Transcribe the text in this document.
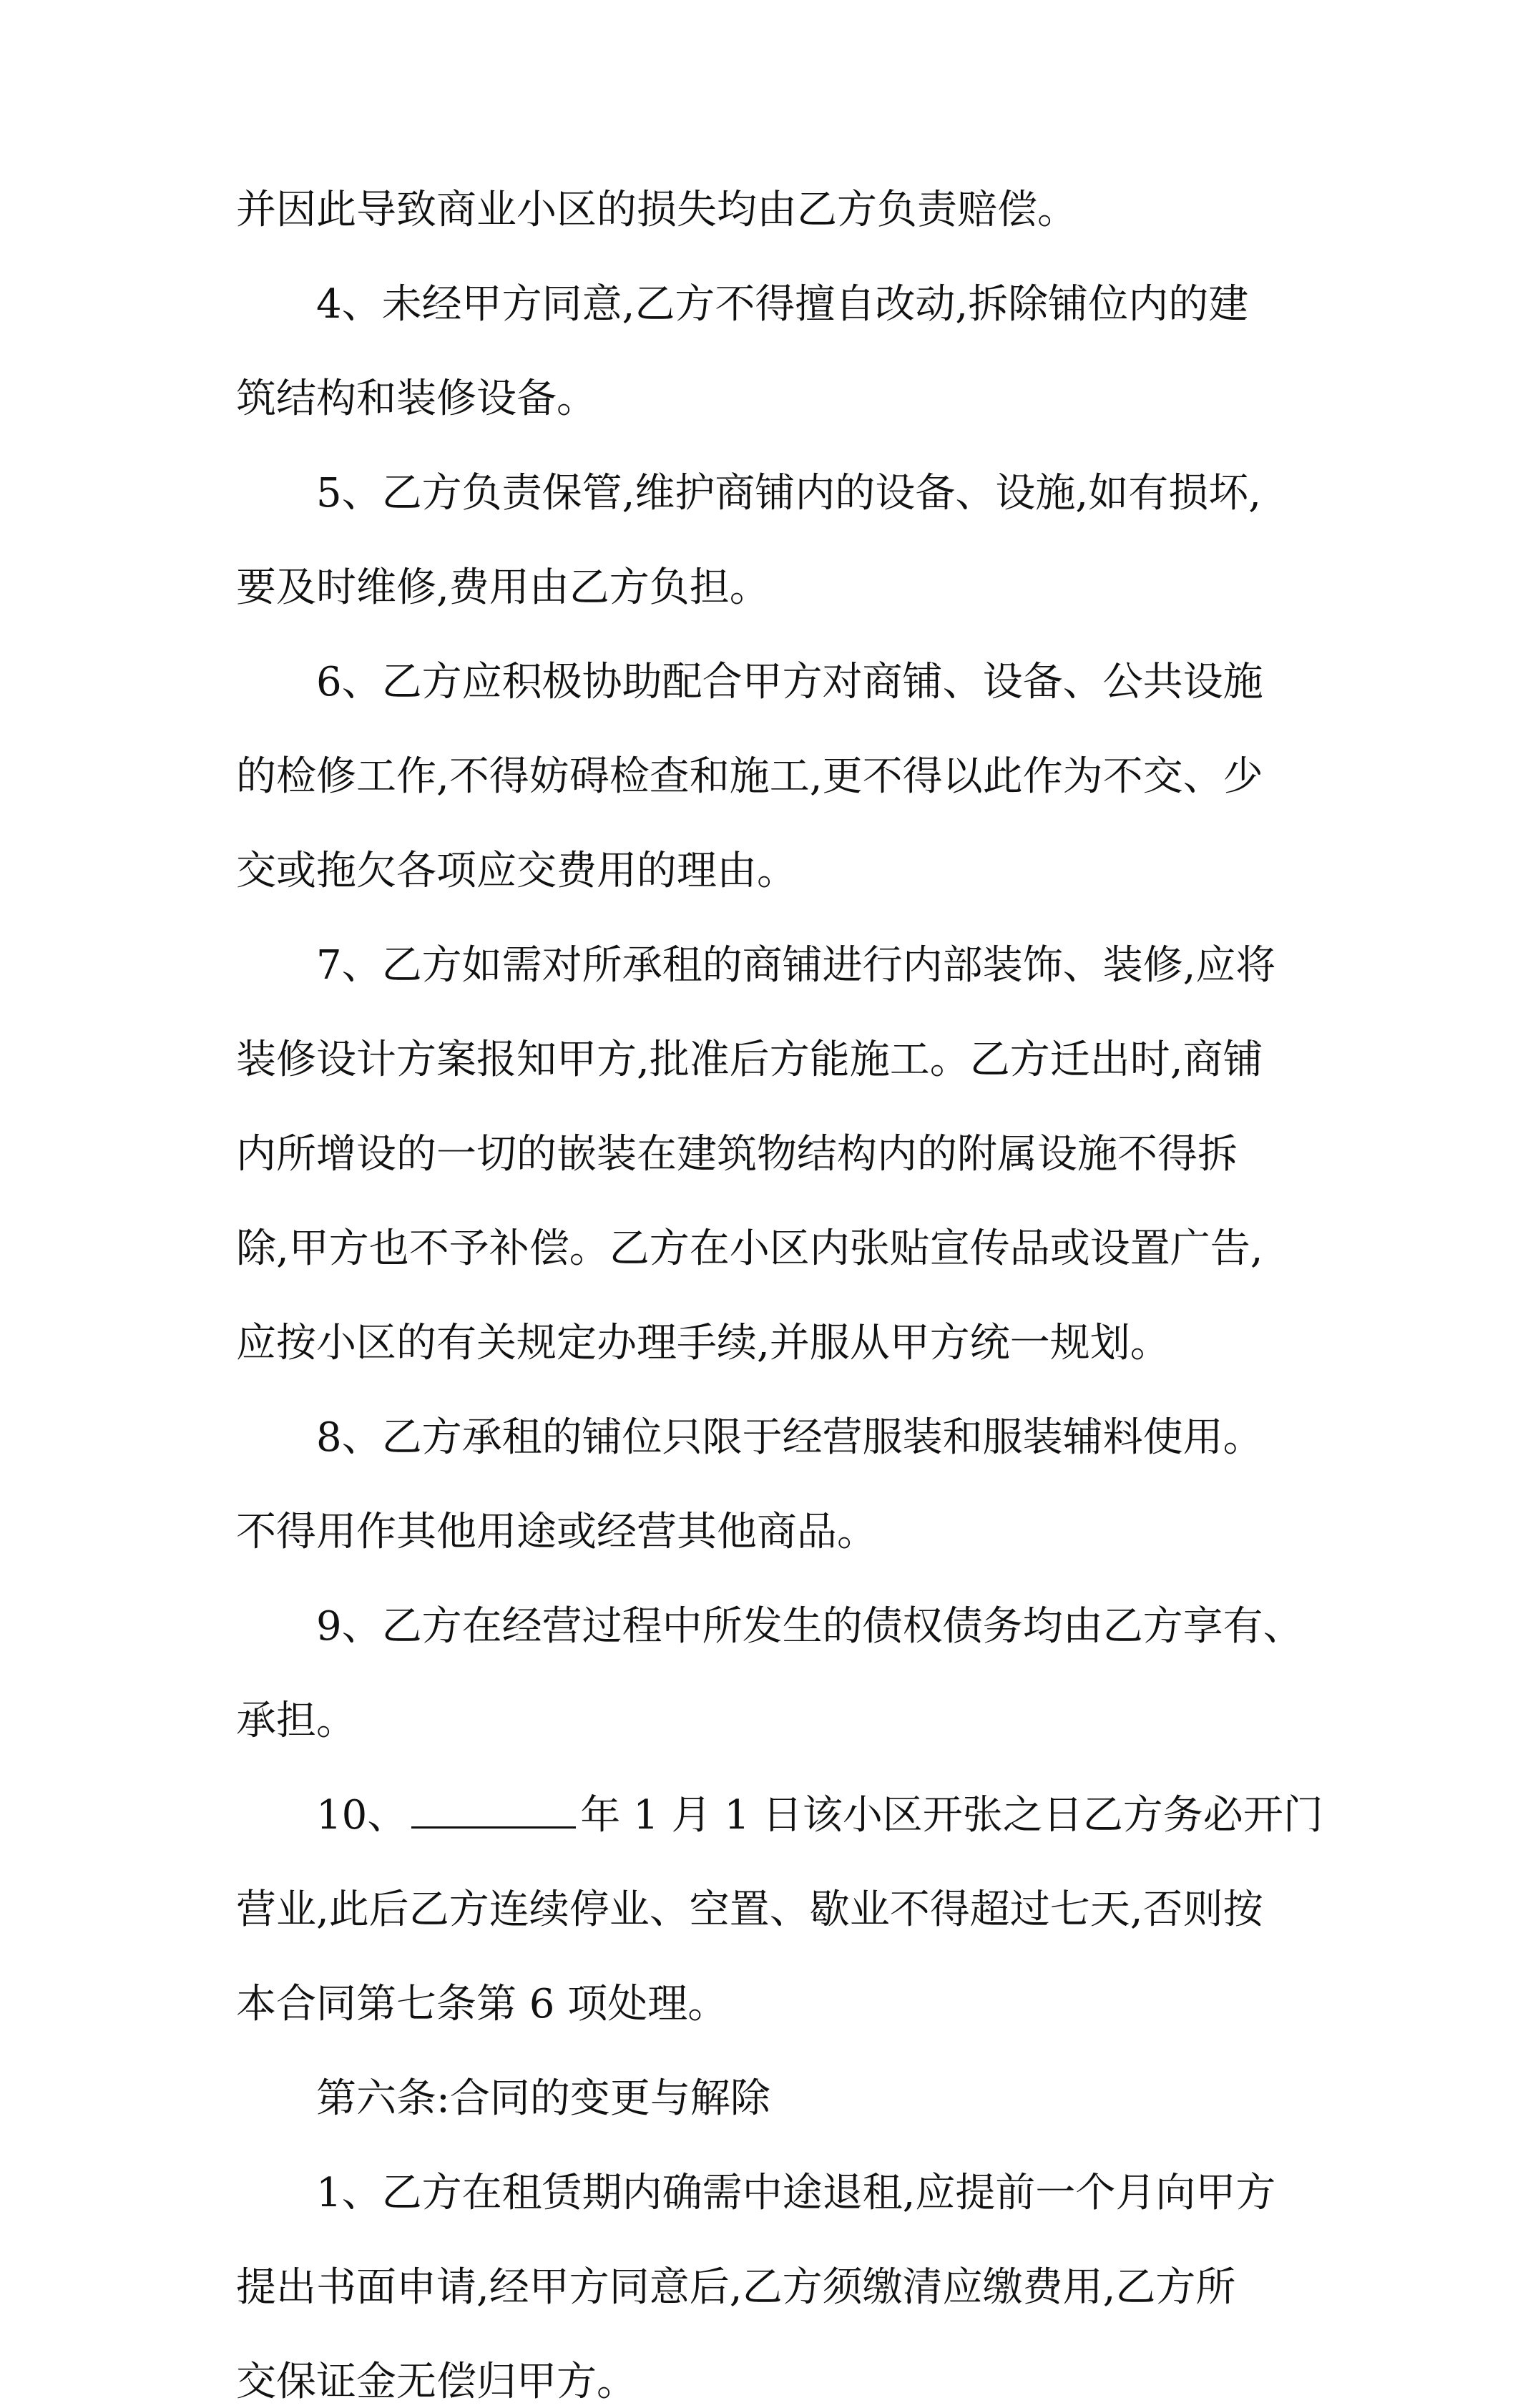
并因此导致商业小区的损失均由乙方负责赔偿。

4、未经甲方同意,乙方不得擅自改动,拆除铺位内的建

筑结构和装修设备。

5、乙方负责保管,维护商铺内的设备、设施,如有损坏,

要及时维修,费用由乙方负担。

6、乙方应积极协助配合甲方对商铺、设备、公共设施

的检修工作,不得妨碍检查和施工,更不得以此作为不交、少

交或拖欠各项应交费用的理由。

7、乙方如需对所承租的商铺进行内部装饰、装修,应将

装修设计方案报知甲方,批准后方能施工。乙方迁出时,商铺

内所增设的一切的嵌装在建筑物结构内的附属设施不得拆

除,甲方也不予补偿。乙方在小区内张贴宣传品或设置广告,

应按小区的有关规定办理手续,并服从甲方统一规划。

8、乙方承租的铺位只限于经营服装和服装辅料使用。

不得用作其他用途或经营其他商品。

9、乙方在经营过程中所发生的债权债务均由乙方享有、

承担。

10、	年 1 月 1 日该小区开张之日乙方务必开门

营业,此后乙方连续停业、空置、歇业不得超过七天,否则按

本合同第七条第 6 项处理。

第六条:合同的变更与解除

1、乙方在租赁期内确需中途退租,应提前一个月向甲方

提出书面申请,经甲方同意后,乙方须缴清应缴费用,乙方所

交保证金无偿归甲方。
